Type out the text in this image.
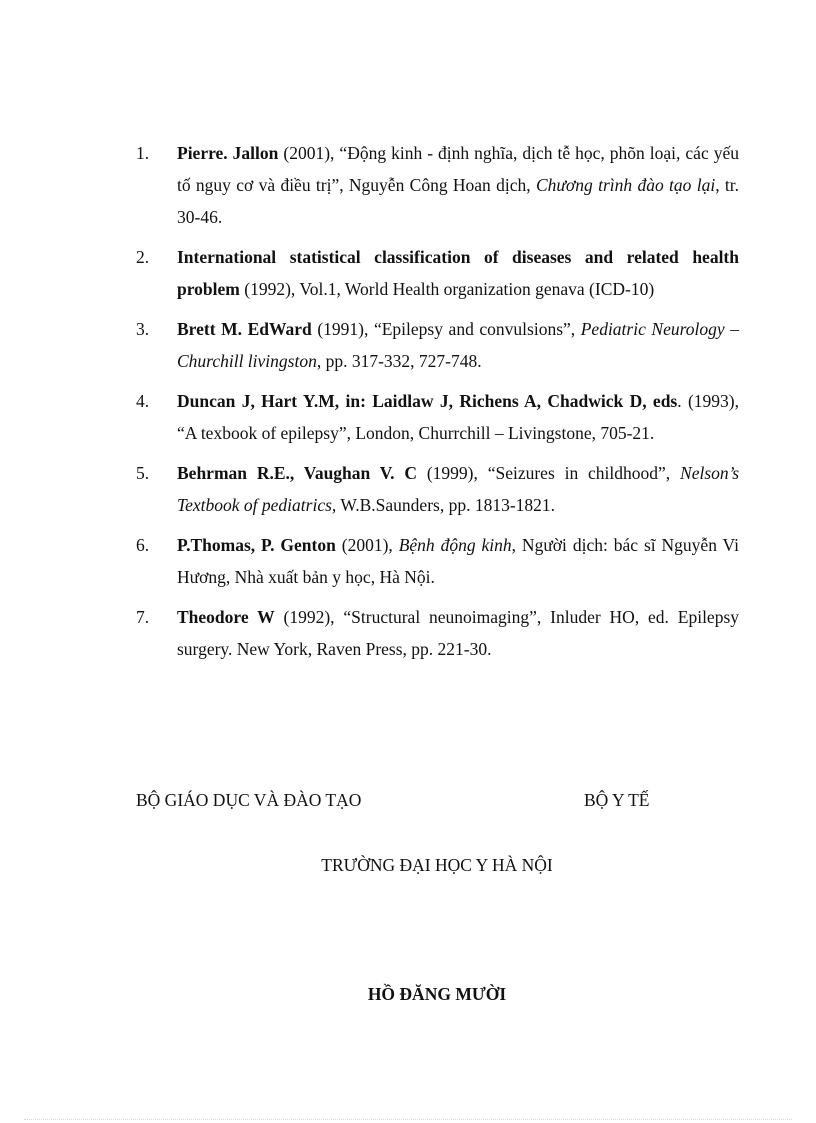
1. Pierre. Jallon (2001), “Động kinh - định nghĩa, dịch tễ học, phõn loại, các yếu tố nguy cơ và điều trị”, Nguyễn Công Hoan dịch, Chương trình đào tạo lại, tr. 30-46.
2. International statistical classification of diseases and related health problem (1992), Vol.1, World Health organization genava (ICD-10)
3. Brett M. EdWard (1991), “Epilepsy and convulsions”, Pediatric Neurology – Churchill livingston, pp. 317-332, 727-748.
4. Duncan J, Hart Y.M, in: Laidlaw J, Richens A, Chadwick D, eds. (1993), “A texbook of epilepsy”, London, Churrchill – Livingstone, 705-21.
5. Behrman R.E., Vaughan V. C (1999), “Seizures in childhood”, Nelson’s Textbook of pediatrics, W.B.Saunders, pp. 1813-1821.
6. P.Thomas, P. Genton (2001), Bệnh động kinh, Người dịch: bác sĩ Nguyễn Vi Hương, Nhà xuất bản y học, Hà Nội.
7. Theodore W (1992), “Structural neunoimaging”, Inluder HO, ed. Epilepsy surgery. New York, Raven Press, pp. 221-30.
BỘ GIÁO DỤC VÀ ĐÀO TẠO	BỘ Y TẾ
TRƯỜNG ĐẠI HỌC Y HÀ NỘI
HỒ ĐĂNG MƯỜI
